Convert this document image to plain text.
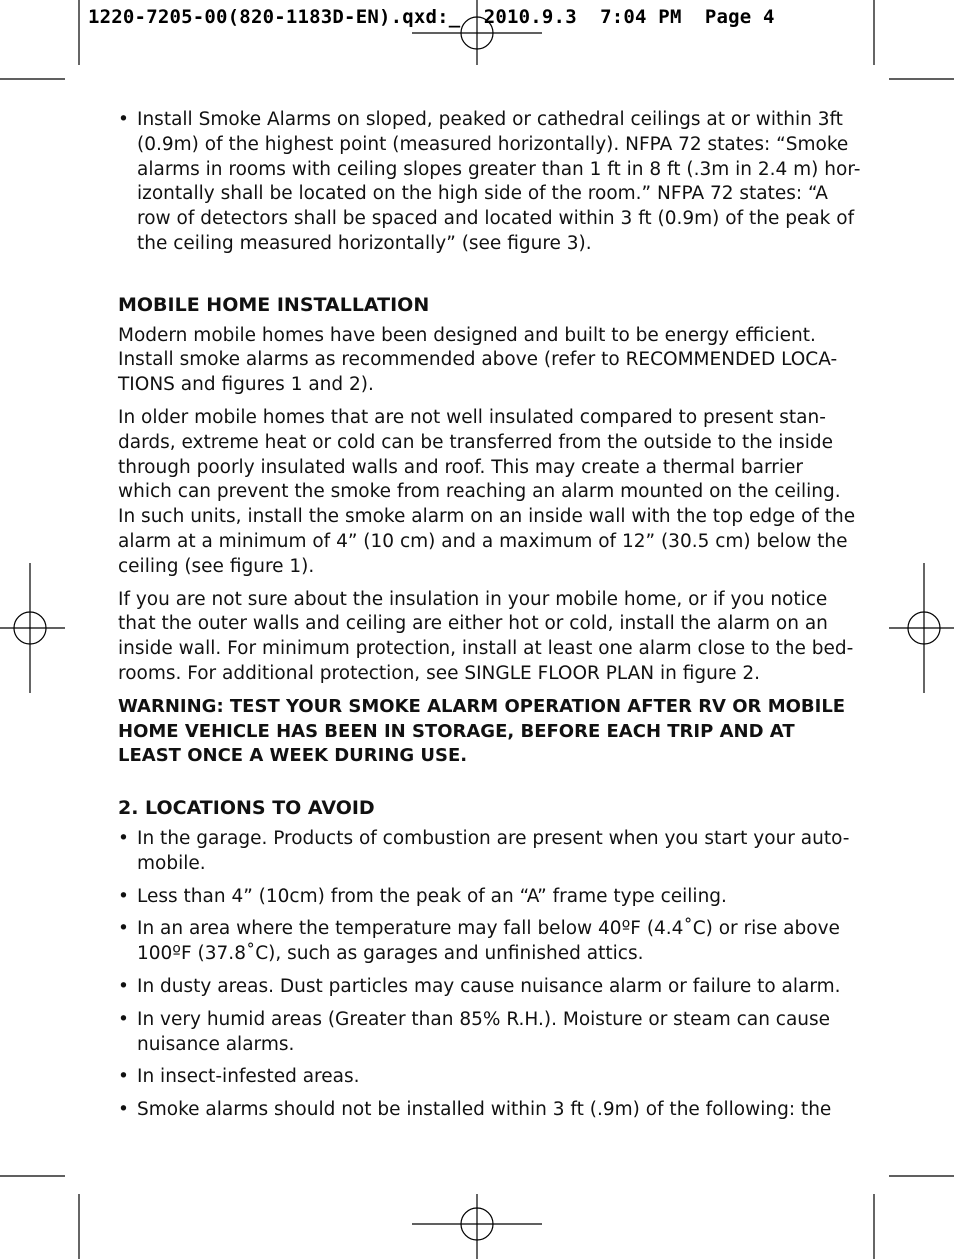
1220-7205-00(820-1183D-EN).qxd:_  2010.9.3  7:04 PM  Page 4
• Install Smoke Alarms on sloped, peaked or cathedral ceilings at or within 3ft
(0.9m) of the highest point (measured horizontally). NFPA 72 states: “Smoke
alarms in rooms with ceiling slopes greater than 1 ft in 8 ft (.3m in 2.4 m) hor-
izontally shall be located on the high side of the room.” NFPA 72 states: “A
row of detectors shall be spaced and located within 3 ft (0.9m) of the peak of
the ceiling measured horizontally” (see figure 3).
MOBILE HOME INSTALLATION
Modern mobile homes have been designed and built to be energy efficient.
Install smoke alarms as recommended above (refer to RECOMMENDED LOCA-
TIONS and figures 1 and 2).
In older mobile homes that are not well insulated compared to present stan-
dards, extreme heat or cold can be transferred from the outside to the inside
through poorly insulated walls and roof. This may create a thermal barrier
which can prevent the smoke from reaching an alarm mounted on the ceiling.
In such units, install the smoke alarm on an inside wall with the top edge of the
alarm at a minimum of 4” (10 cm) and a maximum of 12” (30.5 cm) below the
ceiling (see figure 1).
If you are not sure about the insulation in your mobile home, or if you notice
that the outer walls and ceiling are either hot or cold, install the alarm on an
inside wall. For minimum protection, install at least one alarm close to the bed-
rooms. For additional protection, see SINGLE FLOOR PLAN in figure 2.
WARNING: TEST YOUR SMOKE ALARM OPERATION AFTER RV OR MOBILE
HOME VEHICLE HAS BEEN IN STORAGE, BEFORE EACH TRIP AND AT
LEAST ONCE A WEEK DURING USE.
2. LOCATIONS TO AVOID
• In the garage. Products of combustion are present when you start your auto-
mobile.
• Less than 4” (10cm) from the peak of an “A” frame type ceiling.
• In an area where the temperature may fall below 40ºF (4.4˚C) or rise above
100ºF (37.8˚C), such as garages and unfinished attics.
• In dusty areas. Dust particles may cause nuisance alarm or failure to alarm.
• In very humid areas (Greater than 85% R.H.). Moisture or steam can cause
nuisance alarms.
• In insect-infested areas.
• Smoke alarms should not be installed within 3 ft (.9m) of the following: the
